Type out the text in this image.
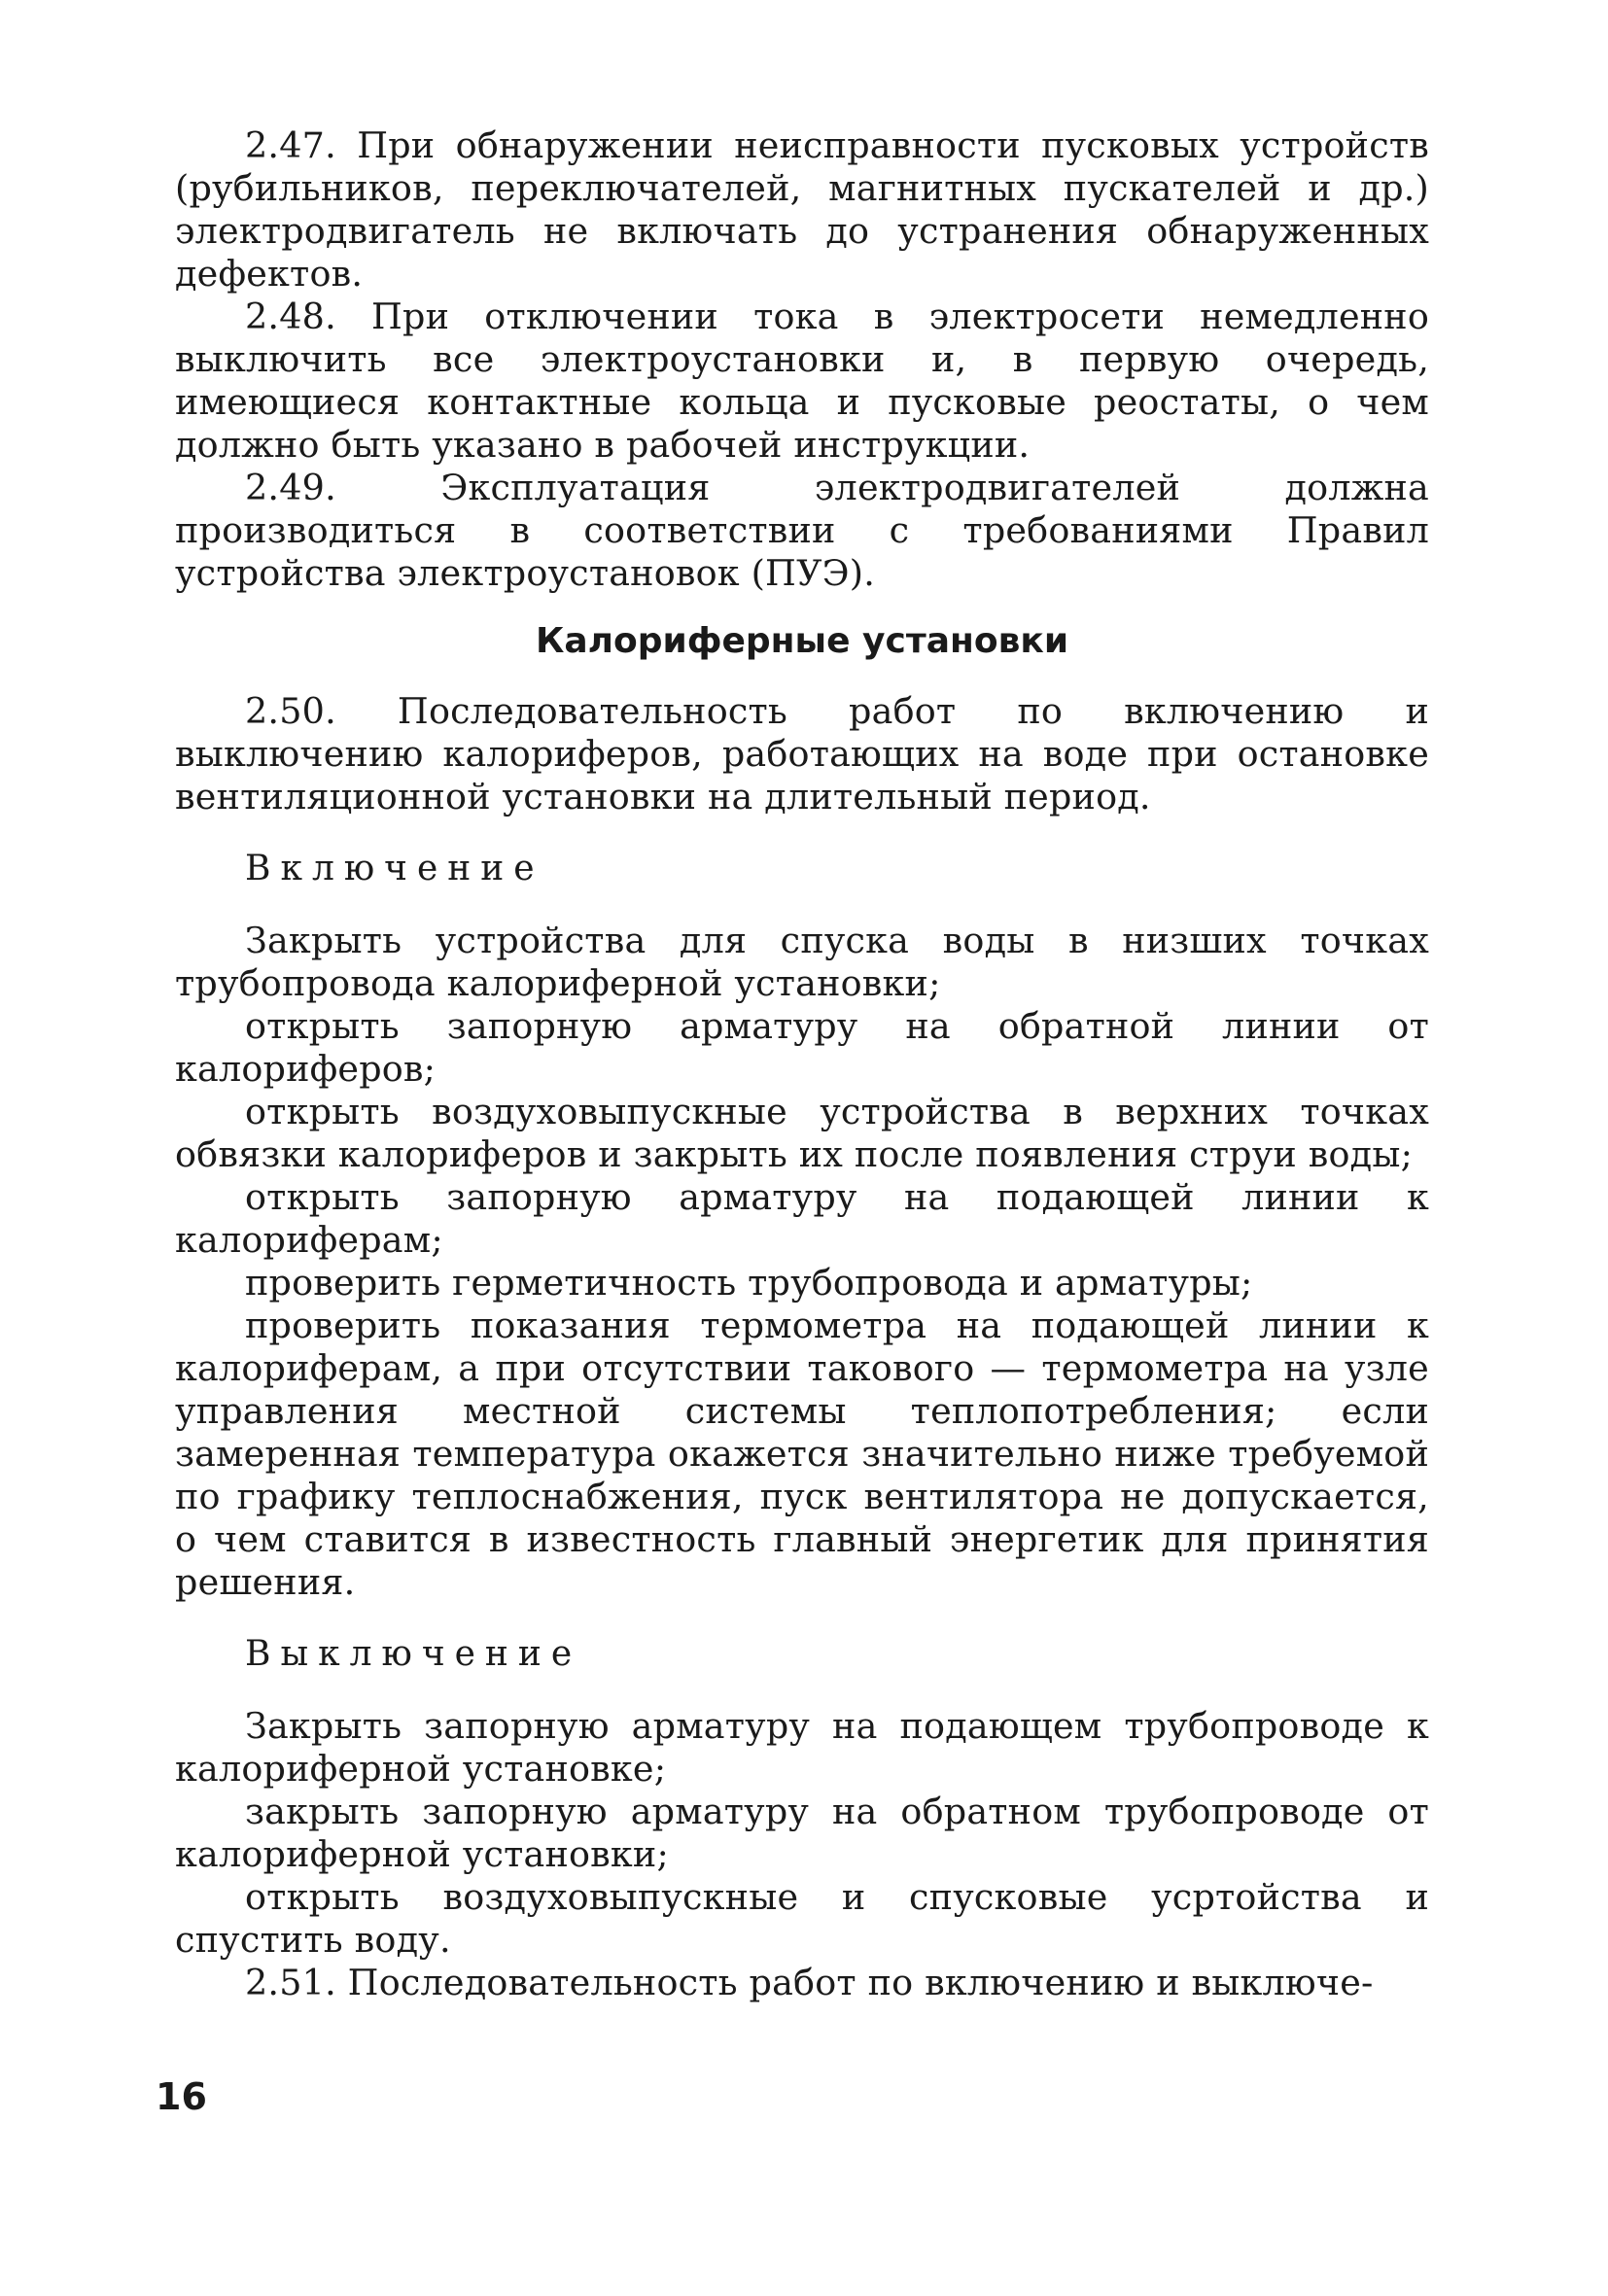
2.47. При обнаружении неисправности пусковых устройств (рубильников, переключателей, магнитных пускателей и др.) электродвигатель не включать до устранения обнаруженных дефектов.

2.48. При отключении тока в электросети немедленно выключить все электроустановки и, в первую очередь, имеющиеся контактные кольца и пусковые реостаты, о чем должно быть указано в рабочей инструкции.

2.49. Эксплуатация электродвигателей должна производиться в соответствии с требованиями Правил устройства электроустановок (ПУЭ).

Калориферные установки

2.50. Последовательность работ по включению и выключению калориферов, работающих на воде при остановке вентиляционной установки на длительный период.

Включение

Закрыть устройства для спуска воды в низших точках трубопровода калориферной установки;

открыть запорную арматуру на обратной линии от калориферов;

открыть воздуховыпускные устройства в верхних точках обвязки калориферов и закрыть их после появления струи воды;

открыть запорную арматуру на подающей линии к калориферам;

проверить герметичность трубопровода и арматуры;

проверить показания термометра на подающей линии к калориферам, а при отсутствии такового — термометра на узле управления местной системы теплопотребления; если замеренная температура окажется значительно ниже требуемой по графику теплоснабжения, пуск вентилятора не допускается, о чем ставится в известность главный энергетик для принятия решения.

Выключение

Закрыть запорную арматуру на подающем трубопроводе к калориферной установке;

закрыть запорную арматуру на обратном трубопроводе от калориферной установки;

открыть воздуховыпускные и спусковые усртойства и спустить воду.

2.51. Последовательность работ по включению и выключе-

16
